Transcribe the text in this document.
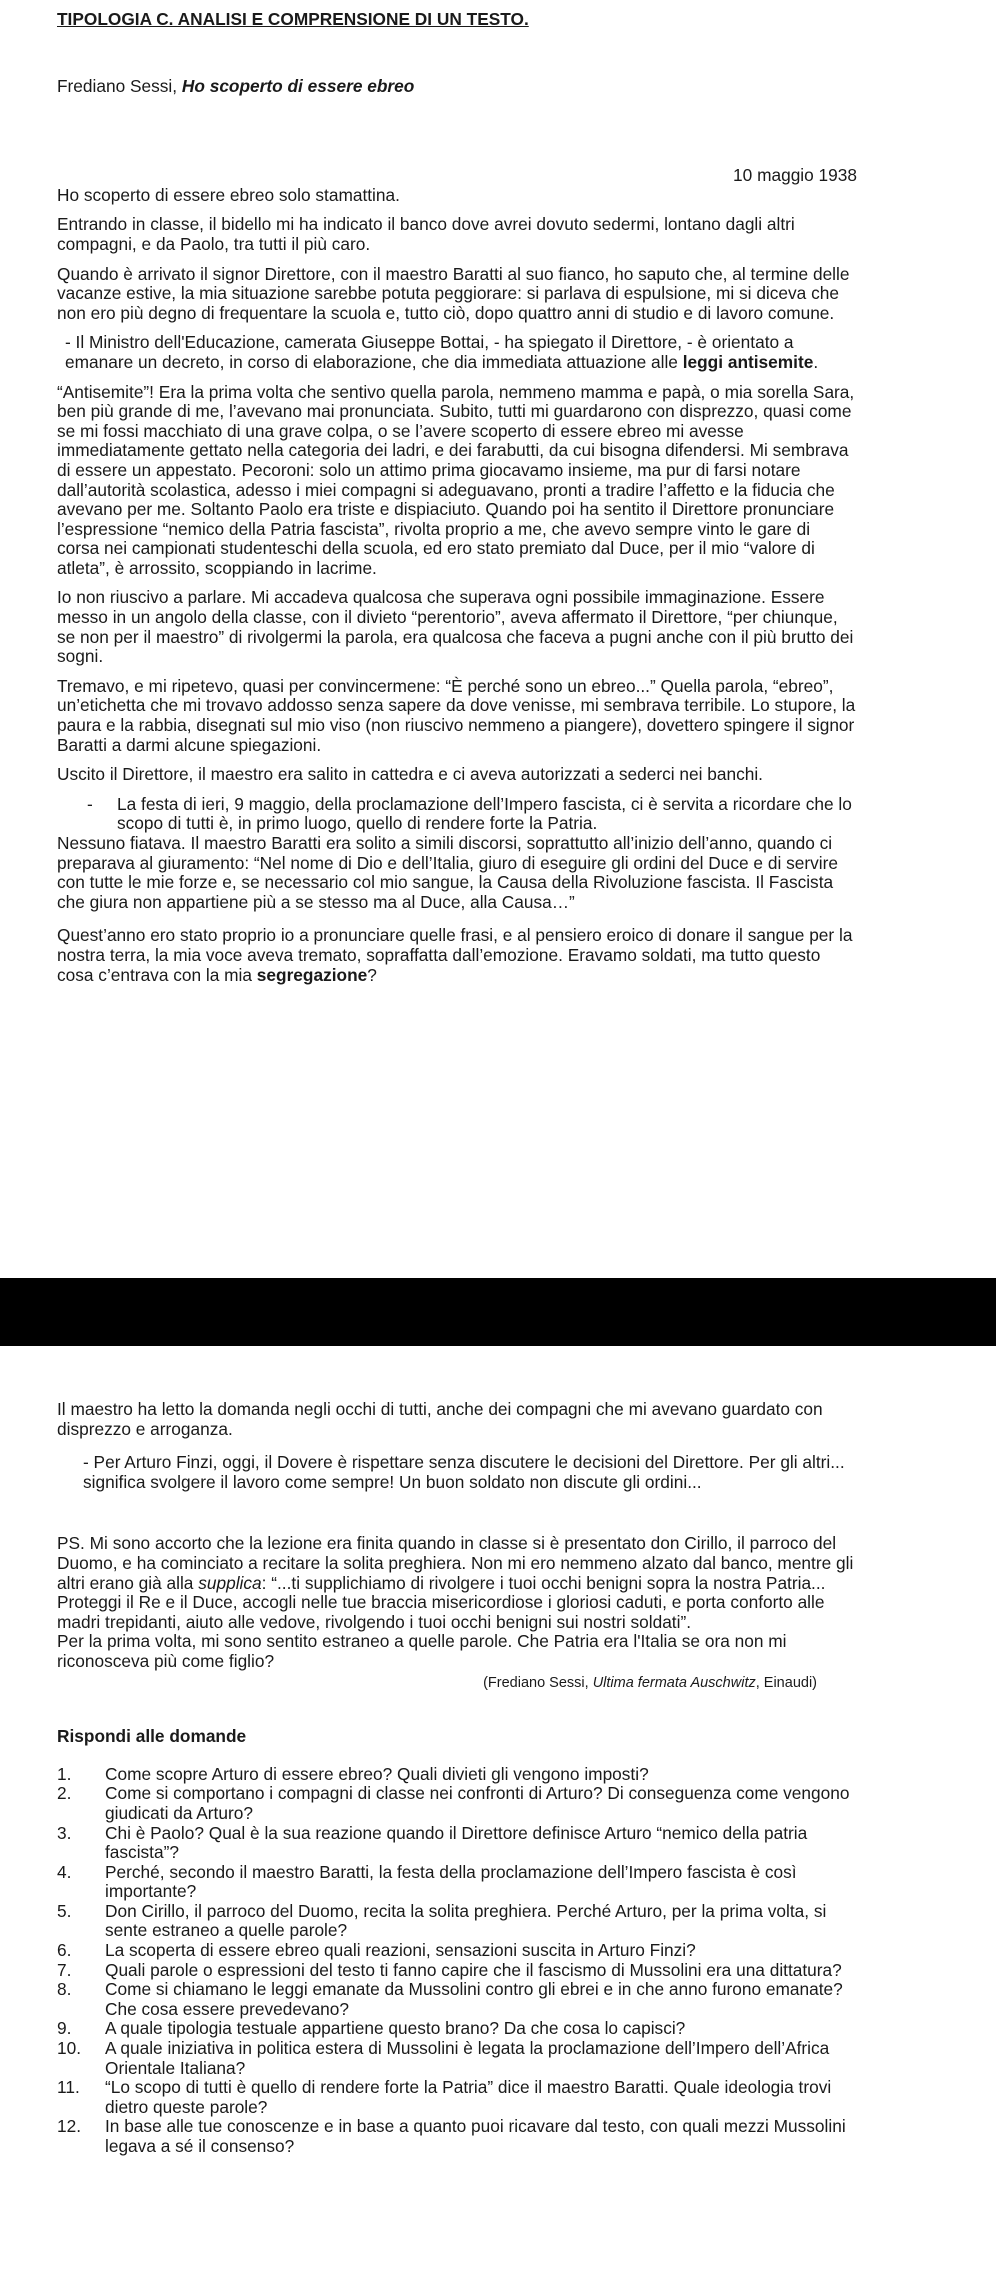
TIPOLOGIA C. ANALISI E COMPRENSIONE DI UN TESTO.
Frediano Sessi, Ho scoperto di essere ebreo
10 maggio 1938
Ho scoperto di essere ebreo solo stamattina.
Entrando in classe, il bidello mi ha indicato il banco dove avrei dovuto sedermi, lontano dagli altri compagni, e da Paolo, tra tutti il più caro.
Quando è arrivato il signor Direttore, con il maestro Baratti al suo fianco, ho saputo che, al termine delle vacanze estive, la mia situazione sarebbe potuta peggiorare: si parlava di espulsione, mi si diceva che non ero più degno di frequentare la scuola e, tutto ciò, dopo quattro anni di studio e di lavoro comune.
- Il Ministro dell'Educazione, camerata Giuseppe Bottai, - ha spiegato il Direttore, - è orientato a emanare un decreto, in corso di elaborazione, che dia immediata attuazione alle leggi antisemite.
“Antisemite”! Era la prima volta che sentivo quella parola, nemmeno mamma e papà, o mia sorella Sara, ben più grande di me, l’avevano mai pronunciata. Subito, tutti mi guardarono con disprezzo, quasi come se mi fossi macchiato di una grave colpa, o se l’avere scoperto di essere ebreo mi avesse immediatamente gettato nella categoria dei ladri, e dei farabutti, da cui bisogna difendersi. Mi sembrava di essere un appestato. Pecoroni: solo un attimo prima giocavamo insieme, ma pur di farsi notare dall’autorità scolastica, adesso i miei compagni si adeguavano, pronti a tradire l’affetto e la fiducia che avevano per me. Soltanto Paolo era triste e dispiaciuto. Quando poi ha sentito il Direttore pronunciare l’espressione “nemico della Patria fascista”, rivolta proprio a me, che avevo sempre vinto le gare di corsa nei campionati studenteschi della scuola, ed ero stato premiato dal Duce, per il mio “valore di atleta”, è arrossito, scoppiando in lacrime.
Io non riuscivo a parlare. Mi accadeva qualcosa che superava ogni possibile immaginazione. Essere messo in un angolo della classe, con il divieto “perentorio”, aveva affermato il Direttore, “per chiunque, se non per il maestro” di rivolgermi la parola, era qualcosa che faceva a pugni anche con il più brutto dei sogni.
Tremavo, e mi ripetevo, quasi per convincermene: “È perché sono un ebreo...” Quella parola, “ebreo”, un’etichetta che mi trovavo addosso senza sapere da dove venisse, mi sembrava terribile. Lo stupore, la paura e la rabbia, disegnati sul mio viso (non riuscivo nemmeno a piangere), dovettero spingere il signor Baratti a darmi alcune spiegazioni.
Uscito il Direttore, il maestro era salito in cattedra e ci aveva autorizzati a sederci nei banchi.
-	La festa di ieri, 9 maggio, della proclamazione dell’Impero fascista, ci è servita a ricordare che lo scopo di tutti è, in primo luogo, quello di rendere forte la Patria.
Nessuno fiatava. Il maestro Baratti era solito a simili discorsi, soprattutto all’inizio dell’anno, quando ci preparava al giuramento: “Nel nome di Dio e dell’Italia, giuro di eseguire gli ordini del Duce e di servire con tutte le mie forze e, se necessario col mio sangue, la Causa della Rivoluzione fascista. Il Fascista che giura non appartiene più a se stesso ma al Duce, alla Causa…”
Quest’anno ero stato proprio io a pronunciare quelle frasi, e al pensiero eroico di donare il sangue per la nostra terra, la mia voce aveva tremato, sopraffatta dall’emozione. Eravamo soldati, ma tutto questo cosa c’entrava con la mia segregazione?
Il maestro ha letto la domanda negli occhi di tutti, anche dei compagni che mi avevano guardato con disprezzo e arroganza.
- Per Arturo Finzi, oggi, il Dovere è rispettare senza discutere le decisioni del Direttore. Per gli altri... significa svolgere il lavoro come sempre! Un buon soldato non discute gli ordini...
PS. Mi sono accorto che la lezione era finita quando in classe si è presentato don Cirillo, il parroco del Duomo, e ha cominciato a recitare la solita preghiera. Non mi ero nemmeno alzato dal banco, mentre gli altri erano già alla supplica: “...ti supplichiamo di rivolgere i tuoi occhi benigni sopra la nostra Patria... Proteggi il Re e il Duce, accogli nelle tue braccia misericordiose i gloriosi caduti, e porta conforto alle madri trepidanti, aiuto alle vedove, rivolgendo i tuoi occhi benigni sui nostri soldati”.
Per la prima volta, mi sono sentito estraneo a quelle parole. Che Patria era l'Italia se ora non mi riconosceva più come figlio?
(Frediano Sessi, Ultima fermata Auschwitz, Einaudi)
Rispondi alle domande
1.	Come scopre Arturo di essere ebreo? Quali divieti gli vengono imposti?
2.	Come si comportano i compagni di classe nei confronti di Arturo? Di conseguenza come vengono giudicati da Arturo?
3.	Chi è Paolo? Qual è la sua reazione quando il Direttore definisce Arturo “nemico della patria fascista”?
4.	Perché, secondo il maestro Baratti, la festa della proclamazione dell’Impero fascista è così importante?
5.	Don Cirillo, il parroco del Duomo, recita la solita preghiera. Perché Arturo, per la prima volta, si sente estraneo a quelle parole?
6.	La scoperta di essere ebreo quali reazioni, sensazioni suscita in Arturo Finzi?
7.	Quali parole o espressioni del testo ti fanno capire che il fascismo di Mussolini era una dittatura?
8.	Come si chiamano le leggi emanate da Mussolini contro gli ebrei e in che anno furono emanate? Che cosa essere prevedevano?
9.	A quale tipologia testuale appartiene questo brano? Da che cosa lo capisci?
10.	A quale iniziativa in politica estera di Mussolini è legata la proclamazione dell’Impero dell’Africa Orientale Italiana?
11.	“Lo scopo di tutti è quello di rendere forte la Patria” dice il maestro Baratti. Quale ideologia trovi dietro queste parole?
12.	In base alle tue conoscenze e in base a quanto puoi ricavare dal testo, con quali mezzi Mussolini legava a sé il consenso?
